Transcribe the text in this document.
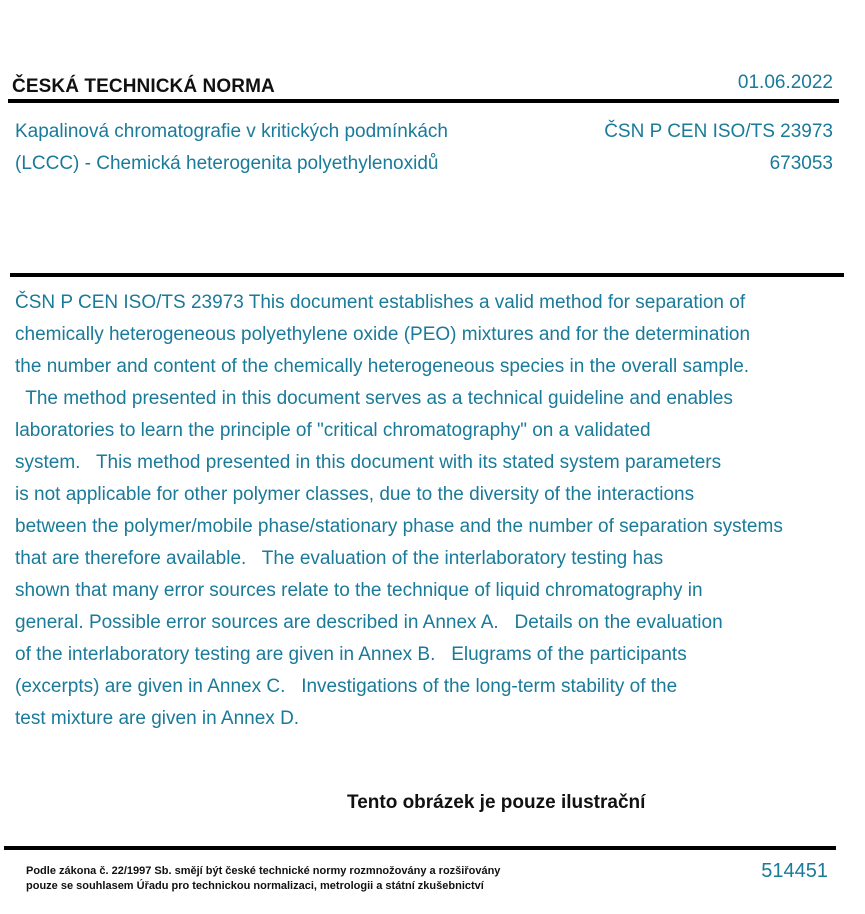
ČESKÁ TECHNICKÁ NORMA	01.06.2022
Kapalinová chromatografie v kritických podmínkách
(LCCC) - Chemická heterogenita polyethylenoxidů
ČSN P CEN ISO/TS 23973
673053
ČSN P CEN ISO/TS 23973 This document establishes a valid method for separation of
chemically heterogeneous polyethylene oxide (PEO) mixtures and for the determination
the number and content of the chemically heterogeneous species in the overall sample.
The method presented in this document serves as a technical guideline and enables
laboratories to learn the principle of "critical chromatography" on a validated
system.   This method presented in this document with its stated system parameters
is not applicable for other polymer classes, due to the diversity of the interactions
between the polymer/mobile phase/stationary phase and the number of separation systems
that are therefore available.   The evaluation of the interlaboratory testing has
shown that many error sources relate to the technique of liquid chromatography in
general. Possible error sources are described in Annex A.   Details on the evaluation
of the interlaboratory testing are given in Annex B.   Elugrams of the participants
(excerpts) are given in Annex C.   Investigations of the long-term stability of the
test mixture are given in Annex D.
Tento obrázek je pouze ilustrační
Podle zákona č. 22/1997 Sb. smějí být české technické normy rozmnožovány a rozšiřovány
pouze se souhlasem Úřadu pro technickou normalizaci, metrologii a státní zkušebnictví
514451
